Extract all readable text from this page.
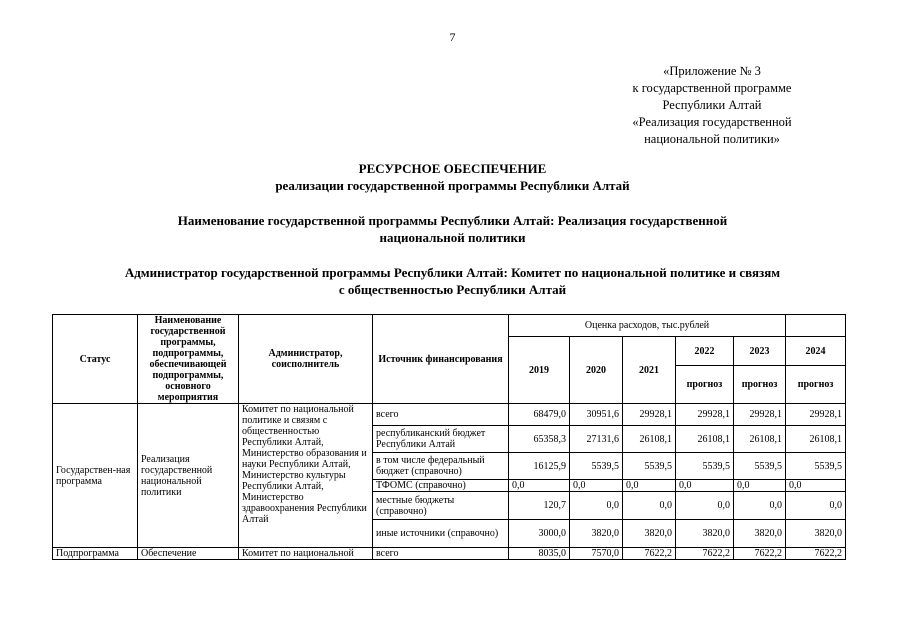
7
«Приложение № 3
к государственной программе
Республики Алтай
«Реализация государственной
национальной политики»
РЕСУРСНОЕ ОБЕСПЕЧЕНИЕ
реализации государственной программы Республики Алтай
Наименование государственной программы Республики Алтай: Реализация государственной
национальной политики
Администратор государственной программы Республики Алтай: Комитет по национальной политике и связям
с общественностью Республики Алтай
Статус	Наименование государственной программы, подпрограммы, обеспечивающей подпрограммы, основного мероприятия	Администратор, соисполнитель	Источник финансирования	Оценка расходов, тыс.рублей					
				2019	2020	2021	2022	2023	2024
							прогноз	прогноз	прогноз
Государствен-ная программа	Реализация государственной национальной политики	Комитет по национальной политике и связям с общественностью Республики Алтай, Министерство образования и науки Республики Алтай, Министерство культуры Республики Алтай, Министерство здравоохранения Республики Алтай	всего	68479,0	30951,6	29928,1	29928,1	29928,1	29928,1
			республиканский бюджет Республики Алтай	65358,3	27131,6	26108,1	26108,1	26108,1	26108,1
			в том числе федеральный бюджет (справочно)	16125,9	5539,5	5539,5	5539,5	5539,5	5539,5
			ТФОМС (справочно)	0,0	0,0	0,0	0,0	0,0	0,0
			местные бюджеты (справочно)	120,7	0,0	0,0	0,0	0,0	0,0
			иные источники (справочно)	3000,0	3820,0	3820,0	3820,0	3820,0	3820,0
Подпрограмма	Обеспечение	Комитет по национальной	всего	8035,0	7570,0	7622,2	7622,2	7622,2	7622,2
